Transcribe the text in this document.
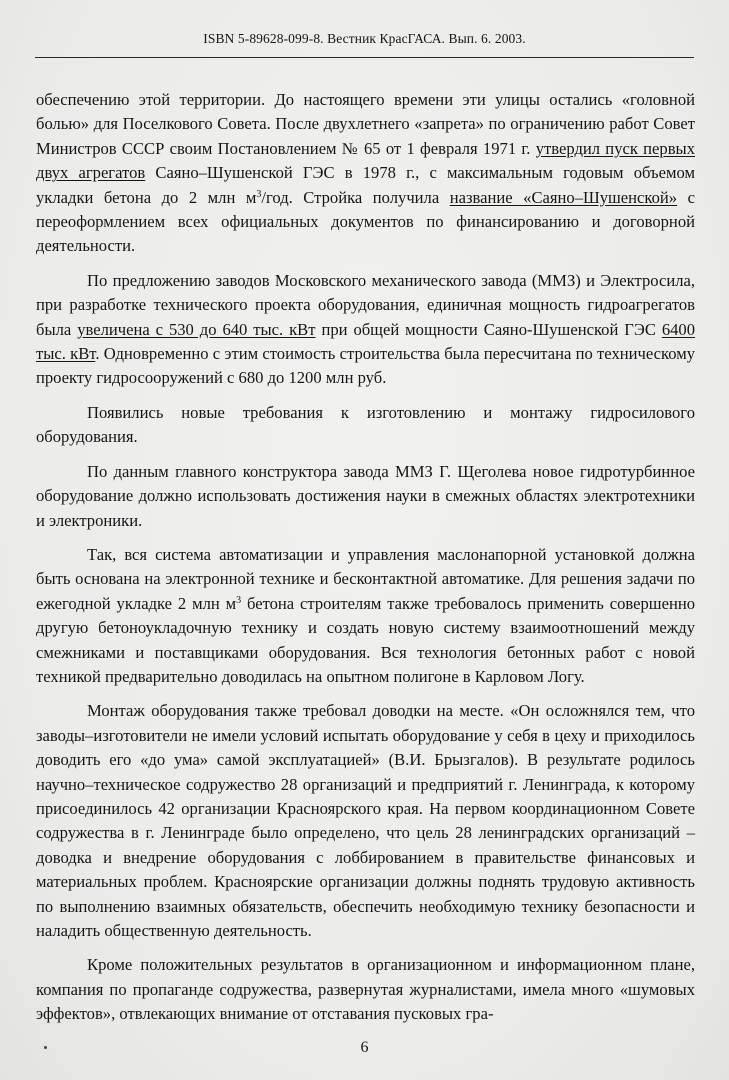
ISBN 5-89628-099-8. Вестник КрасГАСА. Вып. 6. 2003.

обеспечению этой территории. До настоящего времени эти улицы остались «головной болью» для Поселкового Совета. После двухлетнего «запрета» по ограничению работ Совет Министров СССР своим Постановлением № 65 от 1 февраля 1971 г. утвердил пуск первых двух агрегатов Саяно–Шушенской ГЭС в 1978 г., с максимальным годовым объемом укладки бетона до 2 млн $м^3$/год. Стройка получила название «Саяно–Шушенской» с переоформлением всех официальных документов по финансированию и договорной деятельности.

По предложению заводов Московского механического завода (ММЗ) и Электросила, при разработке технического проекта оборудования, единичная мощность гидроагрегатов была увеличена с 530 до 640 тыс. кВт при общей мощности Саяно-Шушенской ГЭС 6400 тыс. кВт. Одновременно с этим стоимость строительства была пересчитана по техническому проекту гидросооружений с 680 до 1200 млн руб.

Появились новые требования к изготовлению и монтажу гидросилового оборудования.

По данным главного конструктора завода ММЗ Г. Щеголева новое гидротурбинное оборудование должно использовать достижения науки в смежных областях электротехники и электроники.

Так, вся система автоматизации и управления маслонапорной установкой должна быть основана на электронной технике и бесконтактной автоматике. Для решения задачи по ежегодной укладке 2 млн $м^3$ бетона строителям также требовалось применить совершенно другую бетоноукладочную технику и создать новую систему взаимоотношений между смежниками и поставщиками оборудования. Вся технология бетонных работ с новой техникой предварительно доводилась на опытном полигоне в Карловом Логу.

Монтаж оборудования также требовал доводки на месте. «Он осложнялся тем, что заводы–изготовители не имели условий испытать оборудование у себя в цеху и приходилось доводить его «до ума» самой эксплуатацией» (В.И. Брызгалов). В результате родилось научно–техническое содружество 28 организаций и предприятий г. Ленинграда, к которому присоединилось 42 организации Красноярского края. На первом координационном Совете содружества в г. Ленинграде было определено, что цель 28 ленинградских организаций – доводка и внедрение оборудования с лоббированием в правительстве финансовых и материальных проблем. Красноярские организации должны поднять трудовую активность по выполнению взаимных обязательств, обеспечить необходимую технику безопасности и наладить общественную деятельность.

Кроме положительных результатов в организационном и информационном плане, компания по пропаганде содружества, развернутая журналистами, имела много «шумовых эффектов», отвлекающих внимание от отставания пусковых гра-

6
